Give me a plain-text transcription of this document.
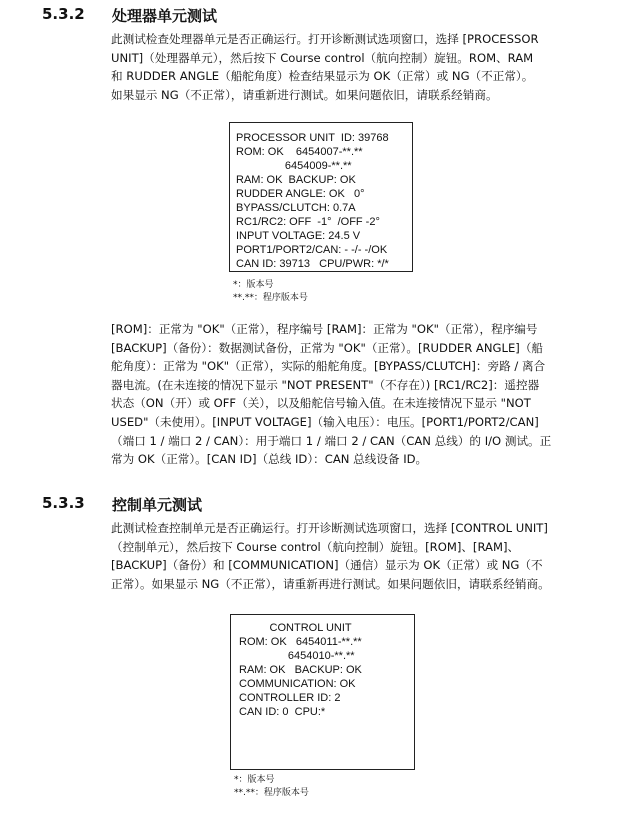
5.3.2 处理器单元测试
此测试检查处理器单元是否正确运行。打开诊断测试选项窗口，选择 [PROCESSOR
UNIT]（处理器单元），然后按下 Course control（航向控制）旋钮。ROM、RAM
和 RUDDER ANGLE（船舵角度）检查结果显示为 OK（正常）或 NG（不正常）。
如果显示 NG（不正常），请重新进行测试。如果问题依旧，请联系经销商。
PROCESSOR UNIT  ID: 39768
ROM: OK    6454007-**.**
6454009-**.**
RAM: OK  BACKUP: OK
RUDDER ANGLE: OK   0°
BYPASS/CLUTCH: 0.7A
RC1/RC2: OFF  -1°  /OFF -2°
INPUT VOLTAGE: 24.5 V
PORT1/PORT2/CAN: - -/- -/OK
CAN ID: 39713   CPU/PWR: */*
*：版本号
**.**：程序版本号
[ROM]：正常为 "OK"（正常），程序编号 [RAM]：正常为 "OK"（正常），程序编号
[BACKUP]（备份）：数据测试备份，正常为 "OK"（正常）。[RUDDER ANGLE]（船
舵角度）：正常为 "OK"（正常），实际的船舵角度。[BYPASS/CLUTCH]：旁路 / 离合
器电流。(在未连接的情况下显示 "NOT PRESENT"（不存在）) [RC1/RC2]：遥控器
状态（ON（开）或 OFF（关），以及船舵信号输入值。在未连接情况下显示 "NOT
USED"（未使用）。[INPUT VOLTAGE]（输入电压）：电压。[PORT1/PORT2/CAN]
（端口 1 / 端口 2 / CAN）：用于端口 1 / 端口 2 / CAN（CAN 总线）的 I/O 测试。正
常为 OK（正常）。[CAN ID]（总线 ID）：CAN 总线设备 ID。
5.3.3 控制单元测试
此测试检查控制单元是否正确运行。打开诊断测试选项窗口，选择 [CONTROL UNIT]
（控制单元），然后按下 Course control（航向控制）旋钮。[ROM]、[RAM]、
[BACKUP]（备份）和 [COMMUNICATION]（通信）显示为 OK（正常）或 NG（不
正常）。如果显示 NG（不正常），请重新再进行测试。如果问题依旧，请联系经销商。
CONTROL UNIT
ROM: OK   6454011-**.**
6454010-**.**
RAM: OK   BACKUP: OK
COMMUNICATION: OK
CONTROLLER ID: 2
CAN ID: 0  CPU:*
*：版本号
**.**：程序版本号
